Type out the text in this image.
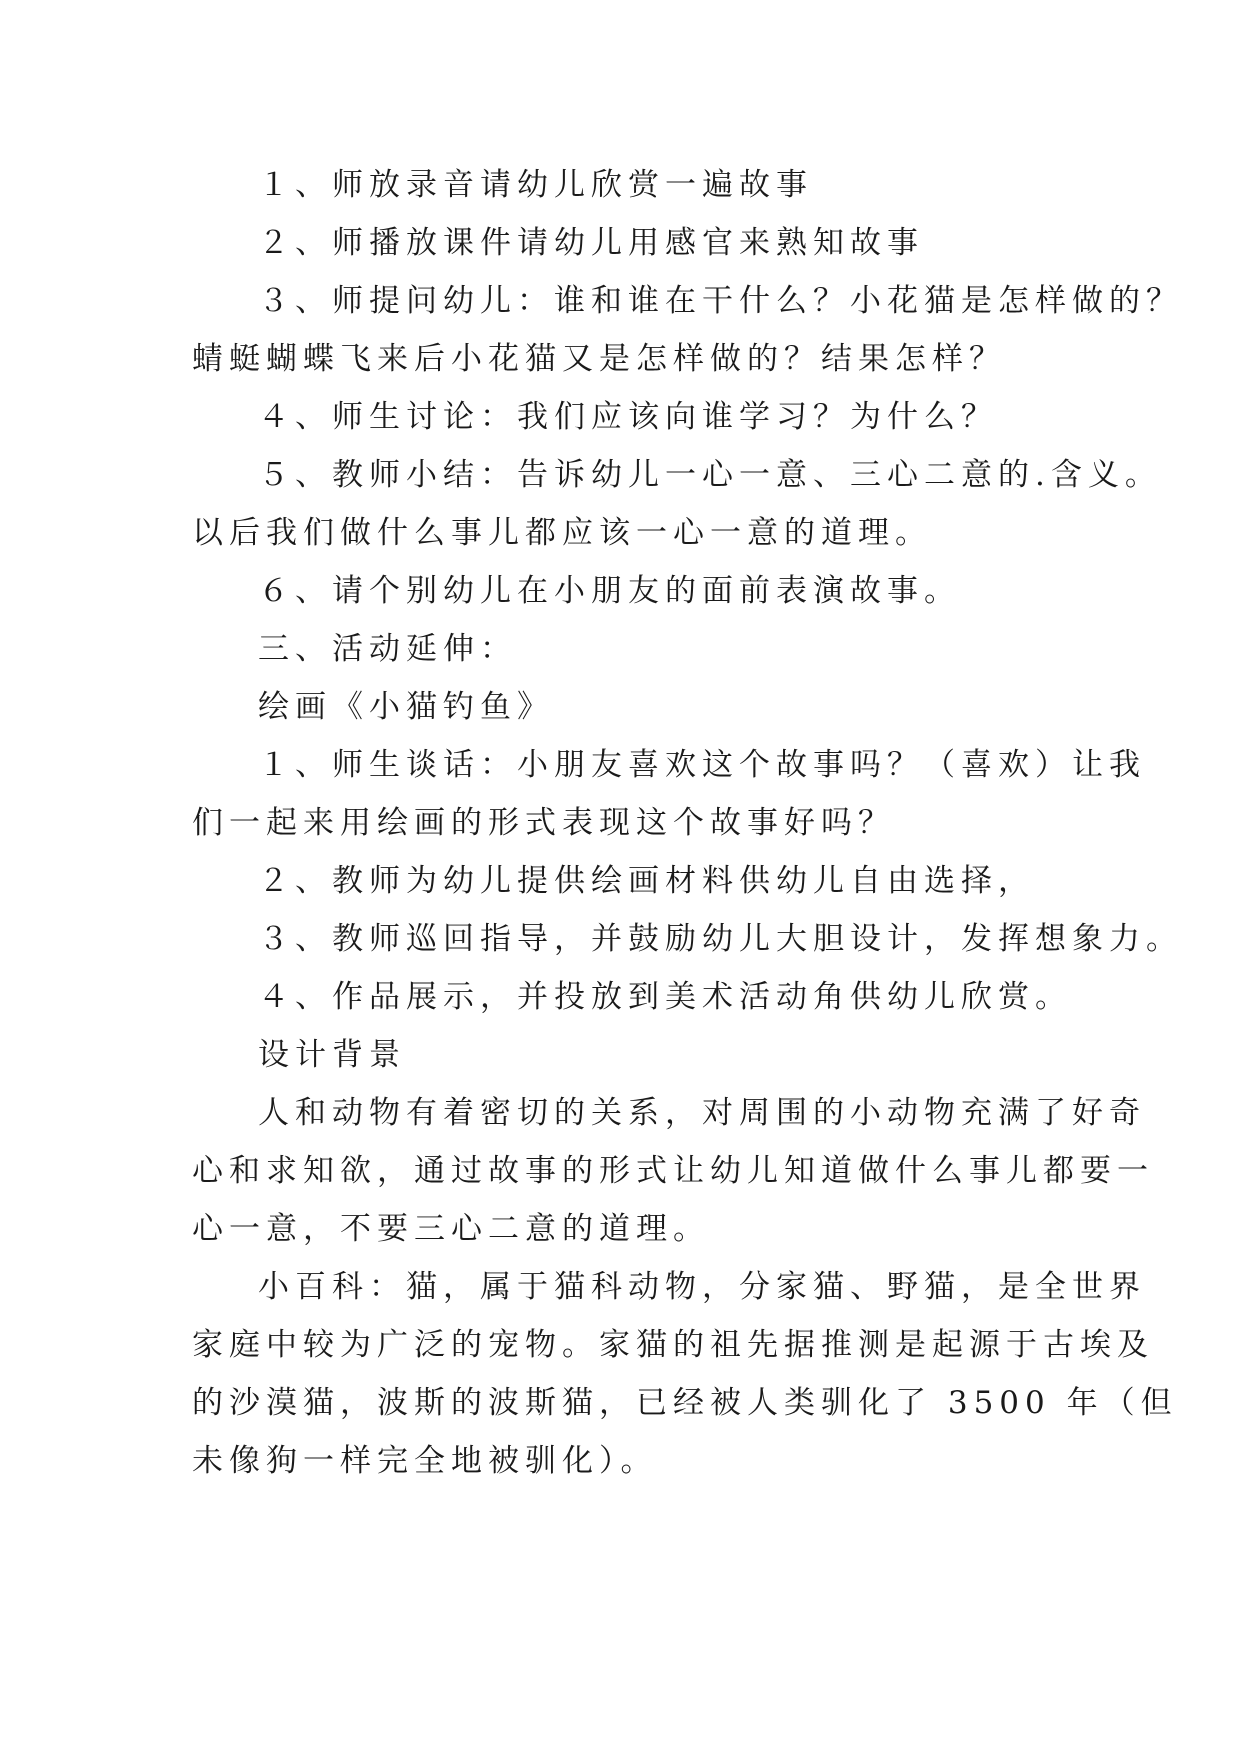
１、师放录音请幼儿欣赏一遍故事
２、师播放课件请幼儿用感官来熟知故事
３、师提问幼儿：谁和谁在干什么？小花猫是怎样做的？
蜻蜓蝴蝶飞来后小花猫又是怎样做的？结果怎样？
４、师生讨论：我们应该向谁学习？为什么？
５、教师小结：告诉幼儿一心一意、三心二意的.含义。
以后我们做什么事儿都应该一心一意的道理。
６、请个别幼儿在小朋友的面前表演故事。
三、活动延伸：
绘画《小猫钓鱼》
１、师生谈话：小朋友喜欢这个故事吗？（喜欢）让我
们一起来用绘画的形式表现这个故事好吗？
２、教师为幼儿提供绘画材料供幼儿自由选择，
３、教师巡回指导，并鼓励幼儿大胆设计，发挥想象力。
４、作品展示，并投放到美术活动角供幼儿欣赏。
设计背景
人和动物有着密切的关系，对周围的小动物充满了好奇
心和求知欲，通过故事的形式让幼儿知道做什么事儿都要一
心一意，不要三心二意的道理。
小百科：猫，属于猫科动物，分家猫、野猫，是全世界
家庭中较为广泛的宠物。家猫的祖先据推测是起源于古埃及
的沙漠猫，波斯的波斯猫，已经被人类驯化了 3500 年（但
未像狗一样完全地被驯化）。
